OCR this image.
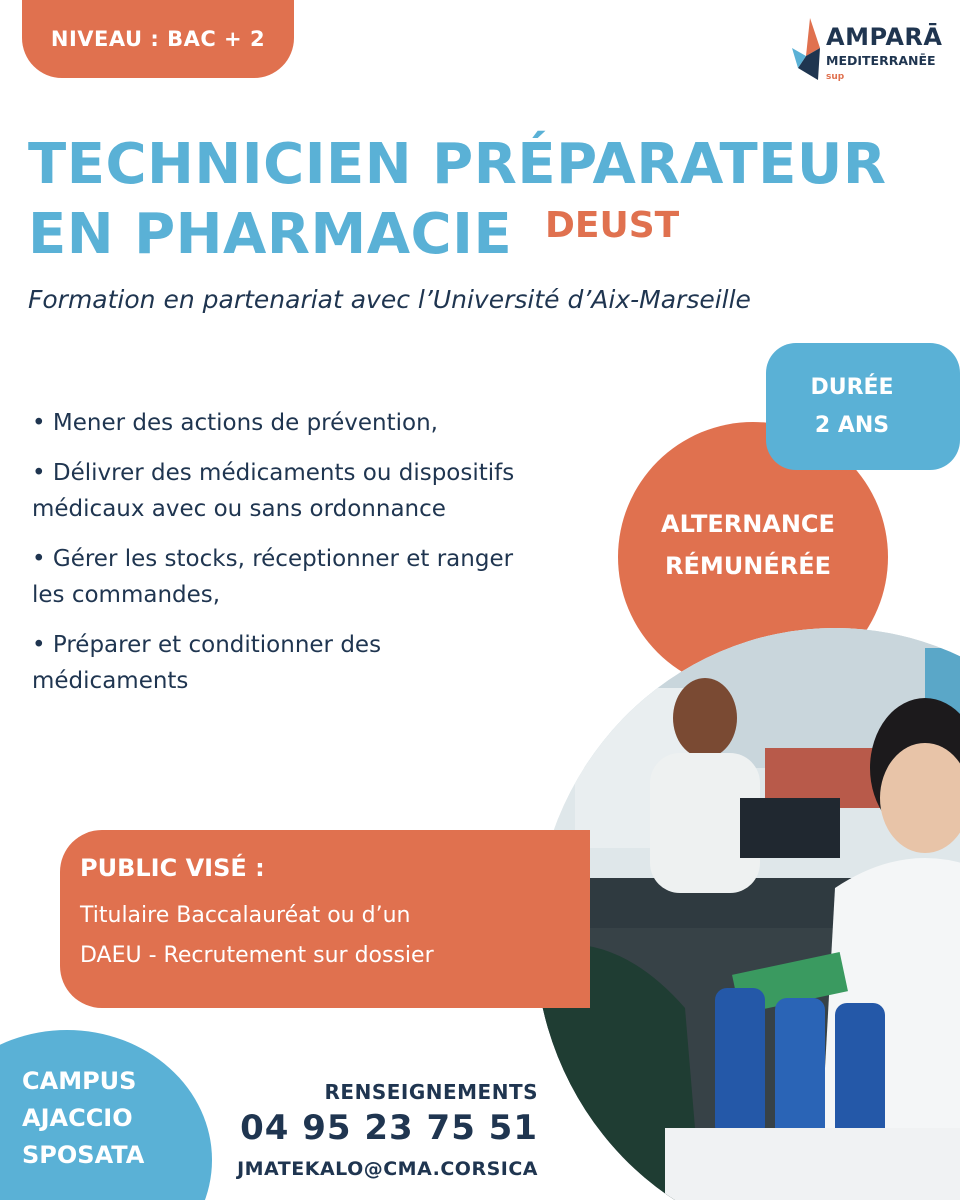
NIVEAU : BAC + 2	AMPARĀ
MEDITERRANĒE
sup
TECHNICIEN PRÉPARATEUR
EN PHARMACIE DEUST
Formation en partenariat avec l’Université d’Aix-Marseille
ALTERNANCE
RÉMUNÉRÉE
DURÉE
2 ANS
• Mener des actions de prévention,
• Délivrer des médicaments ou dispositifs
médicaux avec ou sans ordonnance
• Gérer les stocks, réceptionner et ranger
les commandes,
• Préparer et conditionner des
médicaments
PUBLIC VISÉ :
Titulaire Baccalauréat ou d’un
DAEU - Recrutement sur dossier
CAMPUS
AJACCIO
SPOSATA
RENSEIGNEMENTS
04 95 23 75 51
JMATEKALO@CMA.CORSICA
